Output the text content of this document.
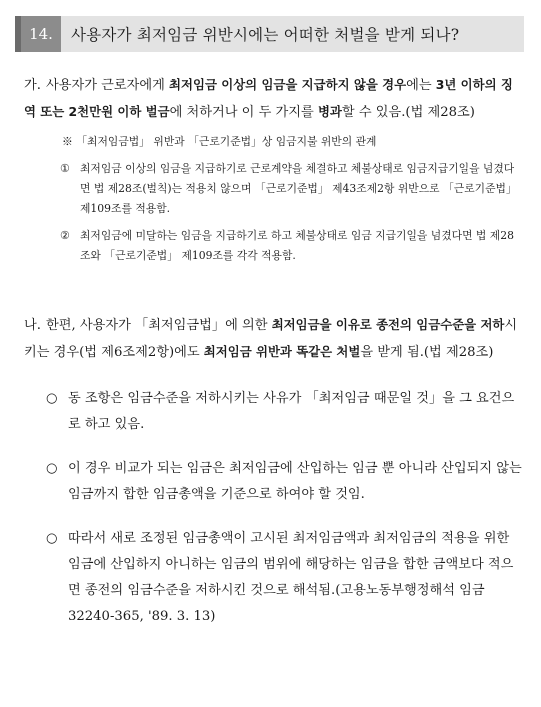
14.	사용자가 최저임금 위반시에는 어떠한 처벌을 받게 되나?

가. 사용자가 근로자에게 최저임금 이상의 임금을 지급하지 않을 경우에는 3년 이하의 징역 또는 2천만원 이하 벌금에 처하거나 이 두 가지를 병과할 수 있음.(법 제28조)

※ 「최저임금법」 위반과 「근로기준법」상 임금지불 위반의 관계

① 최저임금 이상의 임금을 지급하기로 근로계약을 체결하고 체불상태로 임금지급기일을 넘겼다면 법 제28조(벌칙)는 적용치 않으며 「근로기준법」 제43조제2항 위반으로 「근로기준법」 제109조를 적용함.

② 최저임금에 미달하는 임금을 지급하기로 하고 체불상태로 임금 지급기일을 넘겼다면 법 제28조와 「근로기준법」 제109조를 각각 적용함.

나. 한편, 사용자가 「최저임금법」에 의한 최저임금을 이유로 종전의 임금수준을 저하시키는 경우(법 제6조제2항)에도 최저임금 위반과 똑같은 처벌을 받게 됨.(법 제28조)

○ 동 조항은 임금수준을 저하시키는 사유가 「최저임금 때문일 것」을 그 요건으로 하고 있음.

○ 이 경우 비교가 되는 임금은 최저임금에 산입하는 임금 뿐 아니라 산입되지 않는 임금까지 합한 임금총액을 기준으로 하여야 할 것임.

○ 따라서 새로 조정된 임금총액이 고시된 최저임금액과 최저임금의 적용을 위한 임금에 산입하지 아니하는 임금의 범위에 해당하는 임금을 합한 금액보다 적으면 종전의 임금수준을 저하시킨 것으로 해석됨.(고용노동부행정해석 임금32240-365, '89. 3. 13)
